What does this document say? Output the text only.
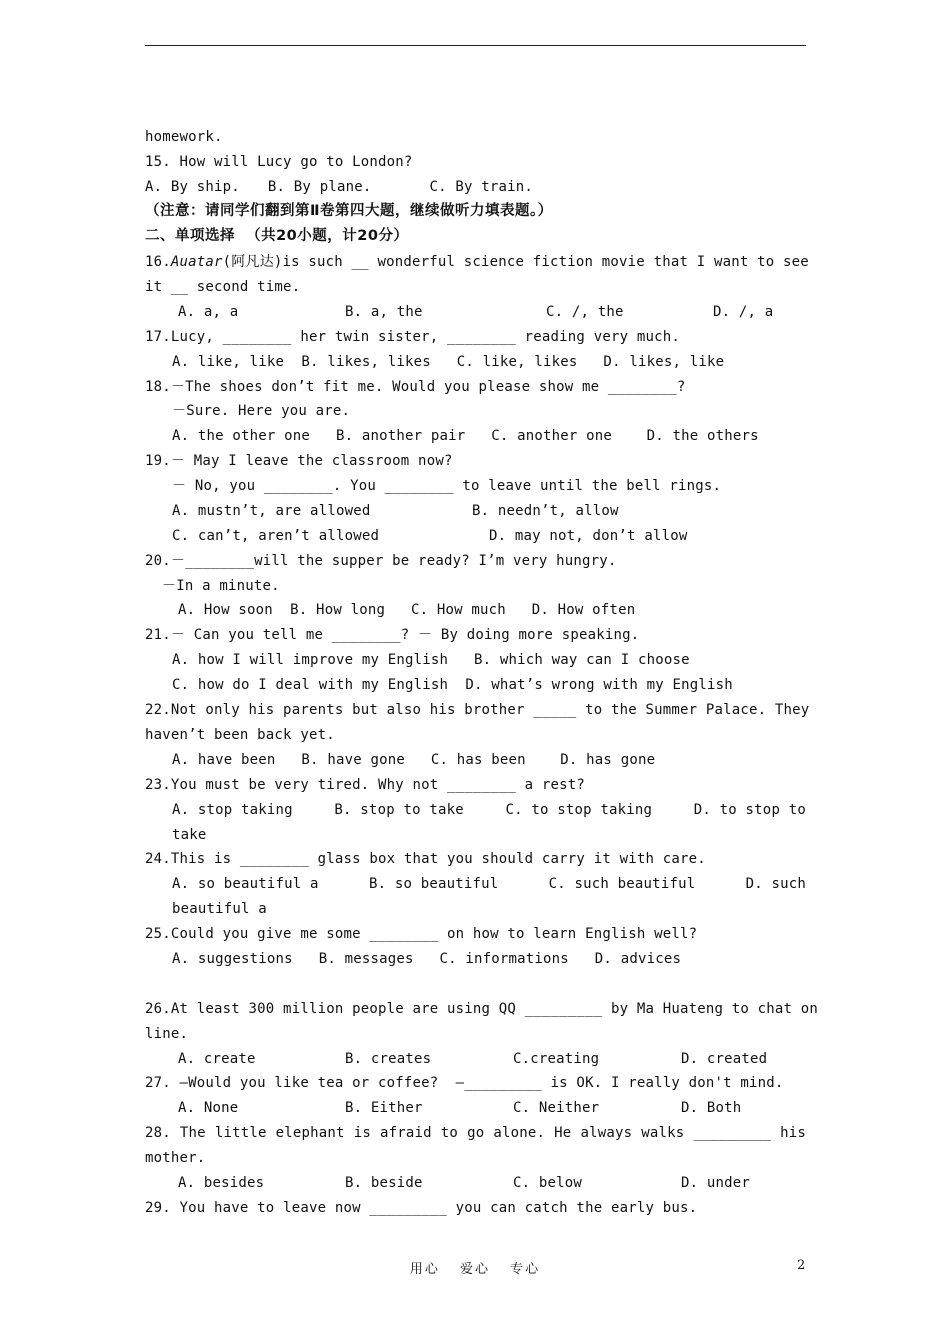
homework.
15. How will Lucy go to London?
A. By ship. B. By plane.	C. By train.
（注意：请同学们翻到第Ⅱ卷第四大题，继续做听力填表题。）
二、单项选择  （共20小题，计20分）
16.Auatar(阿凡达)is such __ wonderful science fiction movie that I want to see
it __ second time.
A. a, a	B. a, the	C. /, the	D. /, a
17.Lucy, ________ her twin sister, ________ reading very much.
A. like, like  B. likes, likes   C. like, likes   D. likes, like
18.－The shoes don’t fit me. Would you please show me ________?
－Sure. Here you are.
A. the other one   B. another pair   C. another one    D. the others
19.－ May I leave the classroom now?
－ No, you ________. You ________ to leave until the bell rings.
A. mustn’t, are allowed	B. needn’t, allow
C. can’t, aren’t allowed	D. may not, don’t allow
20.－________will the supper be ready? I’m very hungry.
－In a minute.
A. How soon  B. How long   C. How much   D. How often
21.－ Can you tell me ________? － By doing more speaking.
A. how I will improve my English   B. which way can I choose
C. how do I deal with my English  D. what’s wrong with my English
22.Not only his parents but also his brother _____ to the Summer Palace. They
haven’t been back yet.
A. have been   B. have gone   C. has been    D. has gone
23.You must be very tired. Why not ________ a rest?
A. stop taking	B. stop to take	C. to stop taking	D. to stop to
take
24.This is ________ glass box that you should carry it with care.
A. so beautiful a	B. so beautiful	C. such beautiful	D. such
beautiful a
25.Could you give me some ________ on how to learn English well?
A. suggestions   B. messages   C. informations   D. advices
26.At least 300 million people are using QQ _________ by Ma Huateng to chat on
line.
A. create	B. creates	C.creating	D. created
27. —Would you like tea or coffee?  —_________ is OK. I really don't mind.
A. None	B. Either	C. Neither	D. Both
28. The little elephant is afraid to go alone. He always walks _________ his
mother.
A. besides	B. beside	C. below	D. under
29. You have to leave now _________ you can catch the early bus.
用心 爱心 专心	2
